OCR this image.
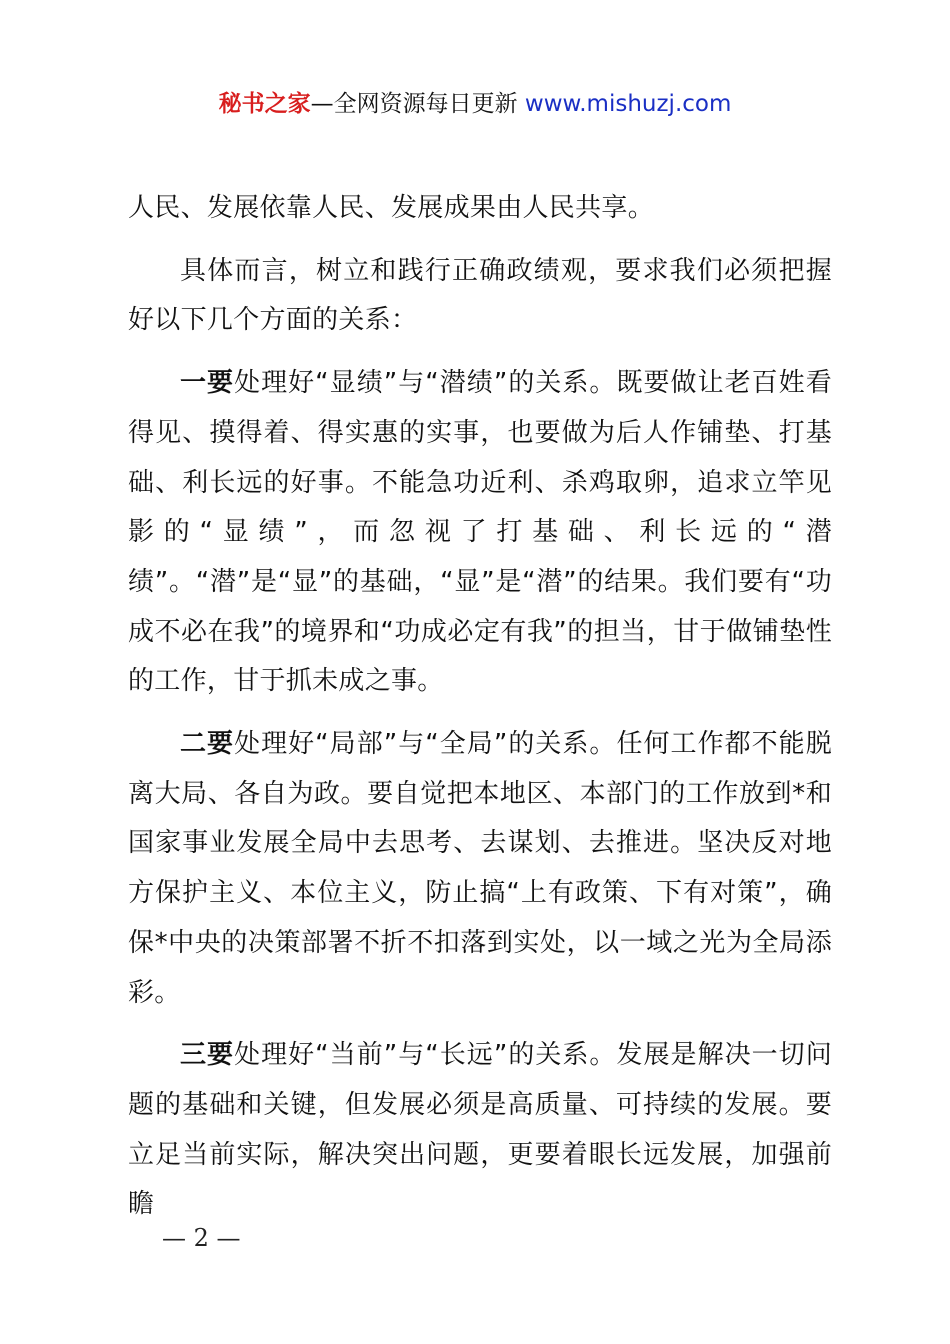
秘书之家—全网资源每日更新 www.mishuzj.com

人民、发展依靠人民、发展成果由人民共享。

具体而言，树立和践行正确政绩观，要求我们必须把握好以下几个方面的关系：

一要处理好“显绩”与“潜绩”的关系。既要做让老百姓看得见、摸得着、得实惠的实事，也要做为后人作铺垫、打基础、利长远的好事。不能急功近利、杀鸡取卵，追求立竿见影的“显绩”，而忽视了打基础、利长远的“潜绩”。“潜”是“显”的基础，“显”是“潜”的结果。我们要有“功成不必在我”的境界和“功成必定有我”的担当，甘于做铺垫性的工作，甘于抓未成之事。

二要处理好“局部”与“全局”的关系。任何工作都不能脱离大局、各自为政。要自觉把本地区、本部门的工作放到*和国家事业发展全局中去思考、去谋划、去推进。坚决反对地方保护主义、本位主义，防止搞“上有政策、下有对策”，确保*中央的决策部署不折不扣落到实处，以一域之光为全局添彩。

三要处理好“当前”与“长远”的关系。发展是解决一切问题的基础和关键，但发展必须是高质量、可持续的发展。要立足当前实际，解决突出问题，更要着眼长远发展，加强前瞻

— 2 —
